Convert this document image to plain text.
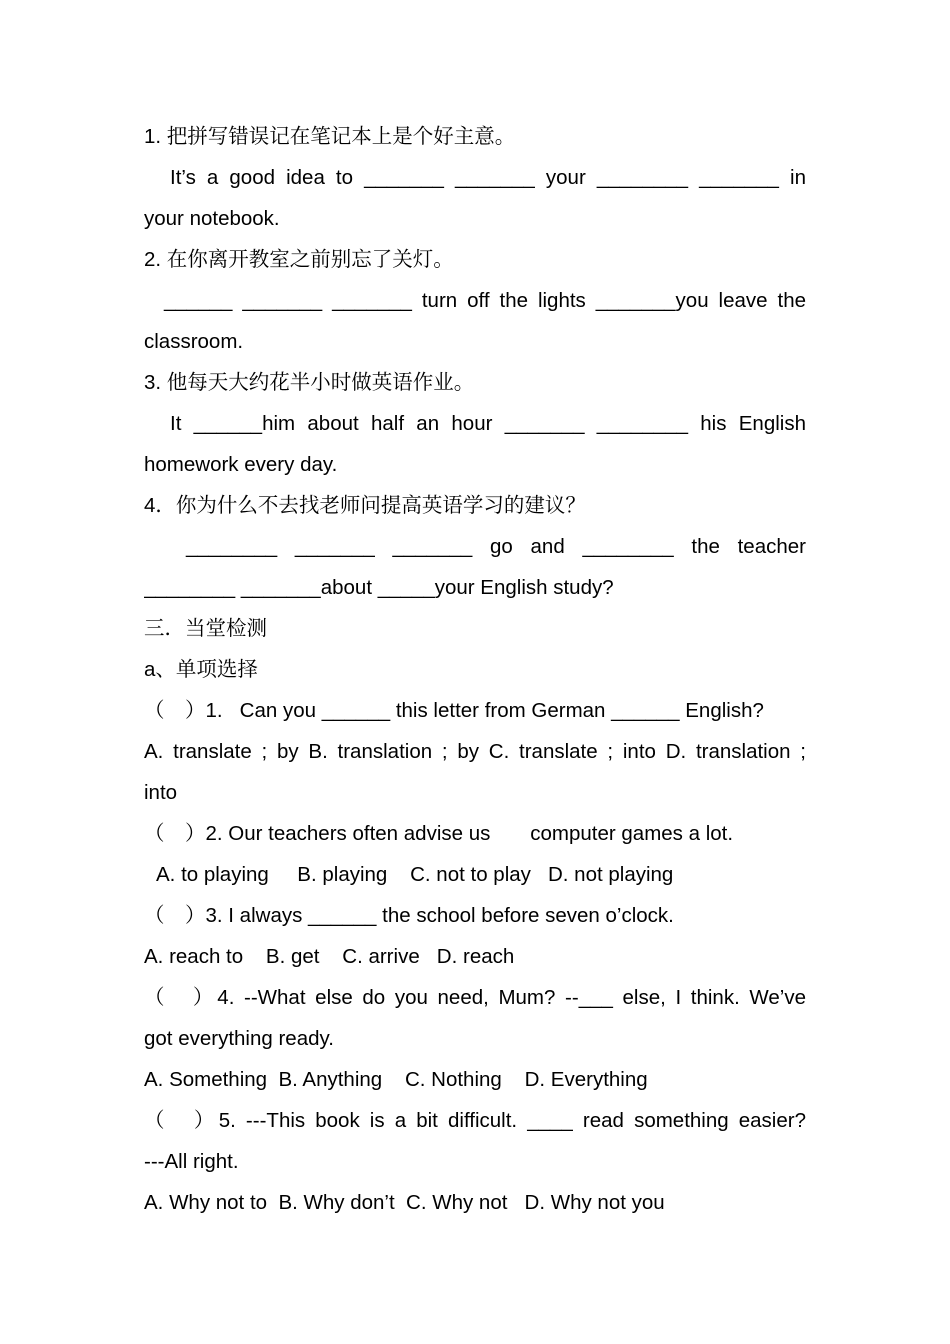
1. 把拼写错误记在笔记本上是个好主意。
It’s a good idea to _______ _______ your ________ _______ in
your notebook.
2. 在你离开教室之前别忘了关灯。
______ _______ _______ turn off the lights _______you leave the
classroom.
3. 他每天大约花半小时做英语作业。
It ______him about half an hour _______ ________ his English
homework every day.
4．你为什么不去找老师问提高英语学习的建议？
________ _______ _______ go and ________ the teacher
________ _______about _____your English study?
三．当堂检测
a、单项选择
（　）1.   Can you ______ this letter from German ______ English?
A. translate ; by B. translation ; by C. translate ; into D. translation ;
into
（　）2. Our teachers often advise us       computer games a lot.
A. to playing     B. playing    C. not to play   D. not playing
（　）3. I always ______ the school before seven o’clock.
A. reach to    B. get    C. arrive   D. reach
（　）4. --What else do you need, Mum? --___ else, I think. We’ve
got everything ready.
A. Something  B. Anything    C. Nothing    D. Everything
（　）5. ---This book is a bit difficult. ____ read something easier?
---All right.
A. Why not to  B. Why don’t  C. Why not   D. Why not you
